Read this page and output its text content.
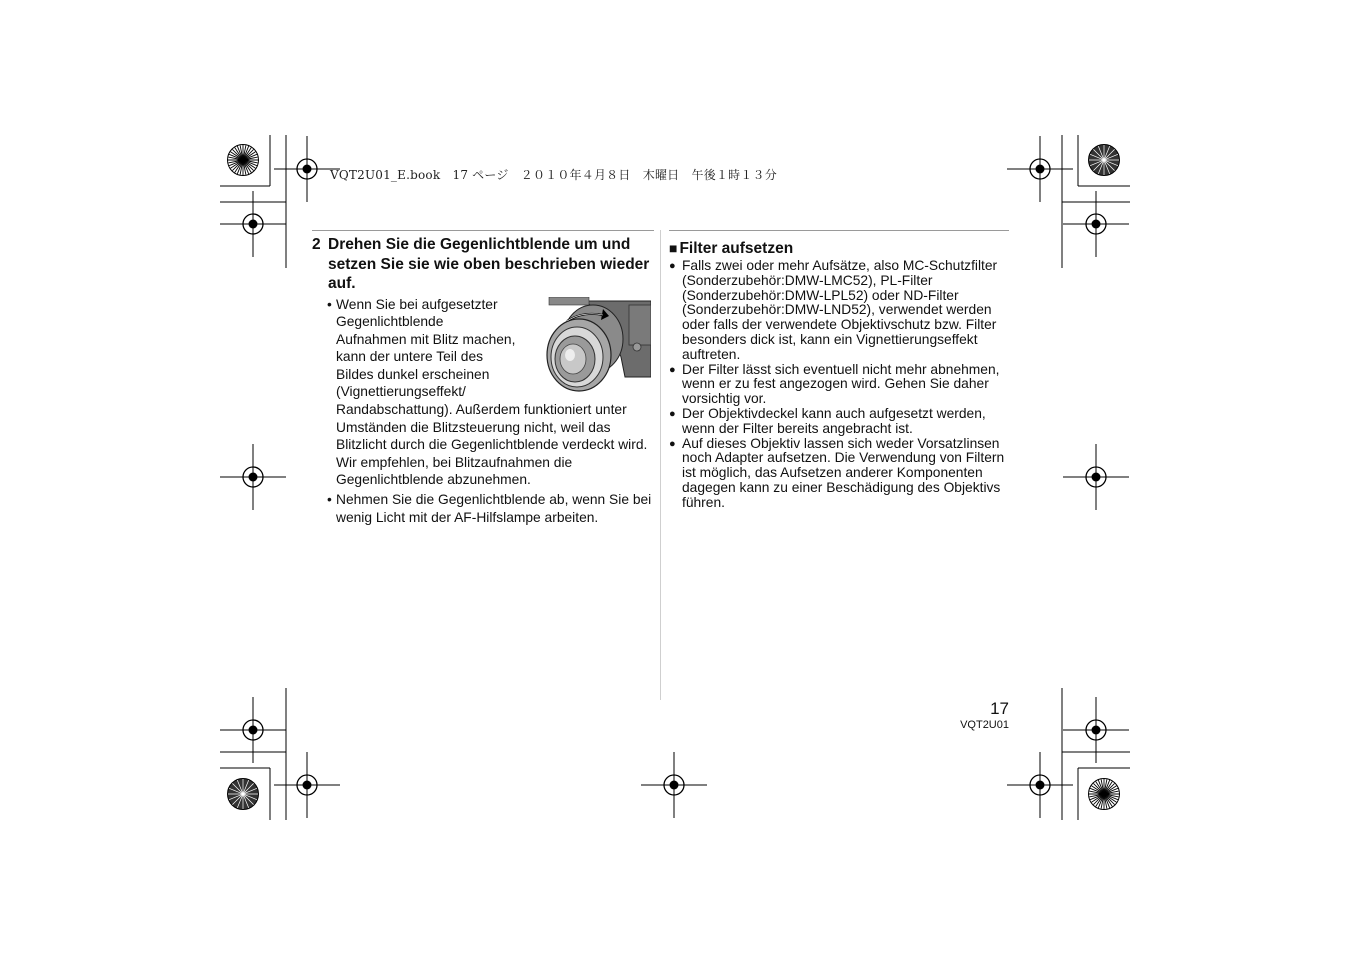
VQT2U01_E.book　17 ページ　２０１０年４月８日　木曜日　午後１時１３分
2 Drehen Sie die Gegenlichtblende um und setzen Sie sie wie oben beschrieben wieder auf.
• Wenn Sie bei aufgesetzter Gegenlichtblende Aufnahmen mit Blitz machen, kann der untere Teil des Bildes dunkel erscheinen (Vignettierungseffekt/
Randabschattung). Außerdem funktioniert unter Umständen die Blitzsteuerung nicht, weil das Blitzlicht durch die Gegenlichtblende verdeckt wird. Wir empfehlen, bei Blitzaufnahmen die Gegenlichtblende abzunehmen.
• Nehmen Sie die Gegenlichtblende ab, wenn Sie bei wenig Licht mit der AF-Hilfslampe arbeiten.
■ Filter aufsetzen
● Falls zwei oder mehr Aufsätze, also MC-Schutzfilter (Sonderzubehör:DMW-LMC52), PL-Filter (Sonderzubehör:DMW-LPL52) oder ND-Filter (Sonderzubehör:DMW-LND52), verwendet werden oder falls der verwendete Objektivschutz bzw. Filter besonders dick ist, kann ein Vignettierungseffekt auftreten.
● Der Filter lässt sich eventuell nicht mehr abnehmen, wenn er zu fest angezogen wird. Gehen Sie daher vorsichtig vor.
● Der Objektivdeckel kann auch aufgesetzt werden, wenn der Filter bereits angebracht ist.
● Auf dieses Objektiv lassen sich weder Vorsatzlinsen noch Adapter aufsetzen. Die Verwendung von Filtern ist möglich, das Aufsetzen anderer Komponenten dagegen kann zu einer Beschädigung des Objektivs führen.
17
VQT2U01
